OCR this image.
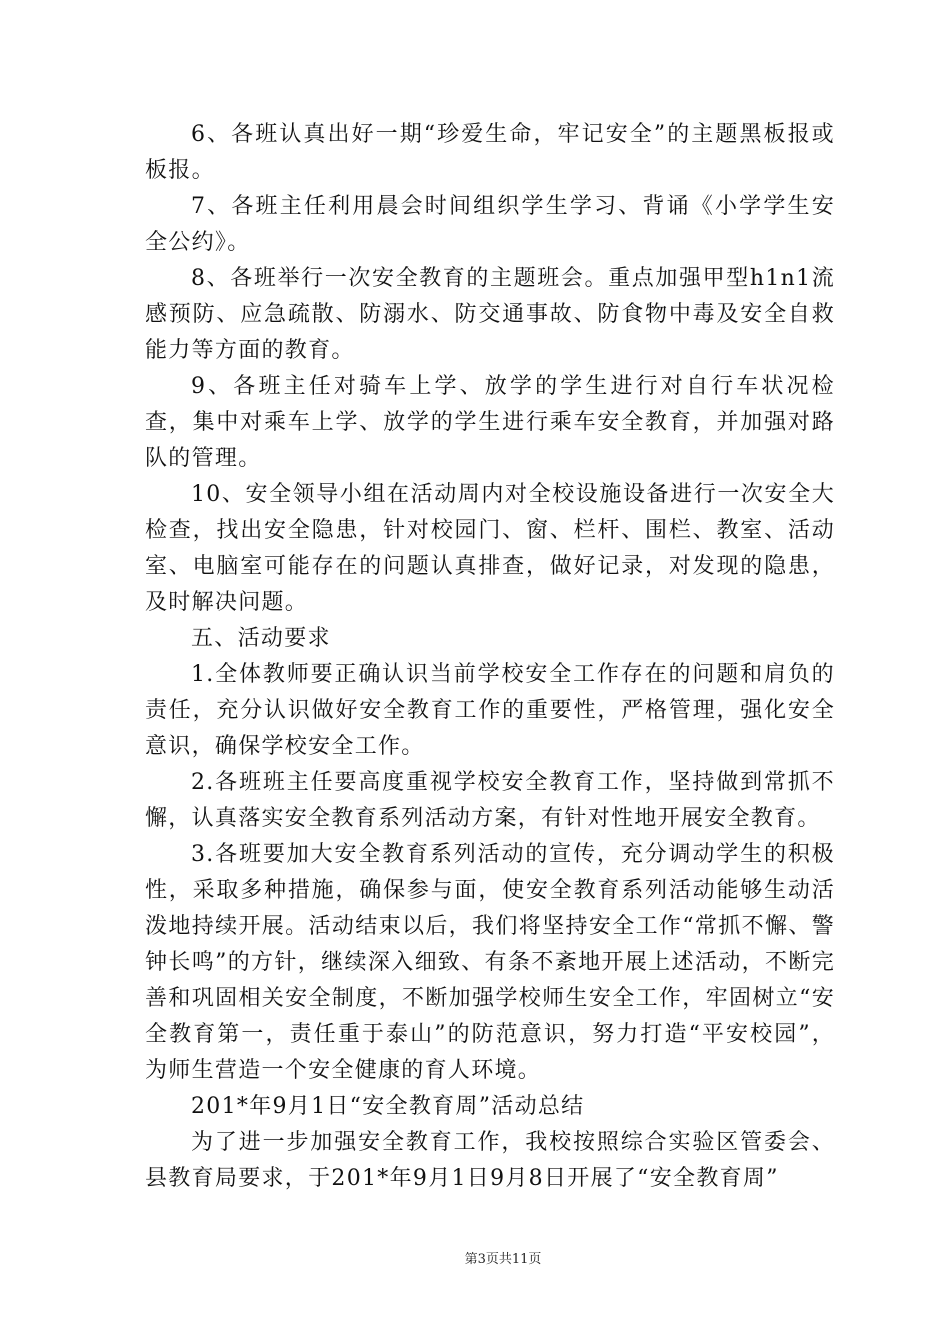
6、各班认真出好一期“珍爱生命，牢记安全”的主题黑板报或板报。

7、各班主任利用晨会时间组织学生学习、背诵《小学学生安全公约》。

8、各班举行一次安全教育的主题班会。重点加强甲型h1n1流感预防、应急疏散、防溺水、防交通事故、防食物中毒及安全自救能力等方面的教育。

9、各班主任对骑车上学、放学的学生进行对自行车状况检查，集中对乘车上学、放学的学生进行乘车安全教育，并加强对路队的管理。

10、安全领导小组在活动周内对全校设施设备进行一次安全大检查，找出安全隐患，针对校园门、窗、栏杆、围栏、教室、活动室、电脑室可能存在的问题认真排查，做好记录，对发现的隐患，及时解决问题。

五、活动要求

1.全体教师要正确认识当前学校安全工作存在的问题和肩负的责任，充分认识做好安全教育工作的重要性，严格管理，强化安全意识，确保学校安全工作。

2.各班班主任要高度重视学校安全教育工作，坚持做到常抓不懈，认真落实安全教育系列活动方案，有针对性地开展安全教育。

3.各班要加大安全教育系列活动的宣传，充分调动学生的积极性，采取多种措施，确保参与面，使安全教育系列活动能够生动活泼地持续开展。活动结束以后，我们将坚持安全工作“常抓不懈、警钟长鸣”的方针，继续深入细致、有条不紊地开展上述活动，不断完善和巩固相关安全制度，不断加强学校师生安全工作，牢固树立“安全教育第一，责任重于泰山”的防范意识，努力打造“平安校园”，为师生营造一个安全健康的育人环境。

201*年9月1日“安全教育周”活动总结

为了进一步加强安全教育工作，我校按照综合实验区管委会、县教育局要求，于201*年9月1日9月8日开展了“安全教育周”

第3页共11页
